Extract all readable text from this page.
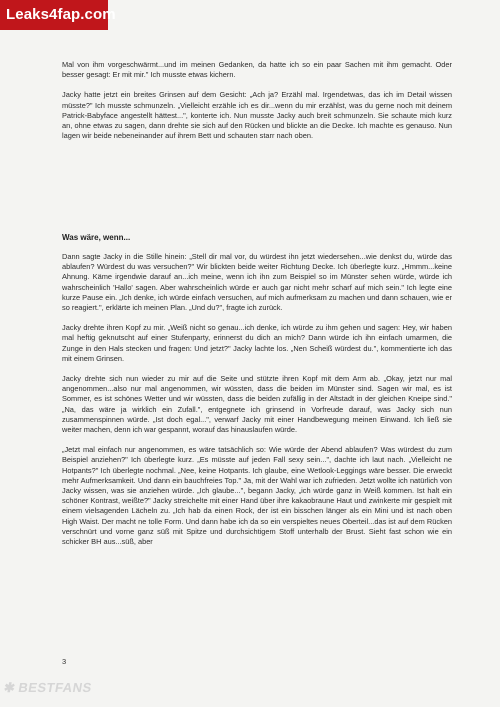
Leaks4fap.com

Mal von ihm vorgeschwärmt...und im meinen Gedanken, da hatte ich so ein paar Sachen mit ihm gemacht. Oder besser gesagt: Er mit mir." Ich musste etwas kichern.

Jacky hatte jetzt ein breites Grinsen auf dem Gesicht: „Ach ja? Erzähl mal. Irgendetwas, das ich im Detail wissen müsste?" Ich musste schmunzeln. „Vielleicht erzähle ich es dir...wenn du mir erzählst, was du gerne noch mit deinem Patrick-Babyface angestellt hättest...", konterte ich. Nun musste Jacky auch breit schmunzeln. Sie schaute mich kurz an, ohne etwas zu sagen, dann drehte sie sich auf den Rücken und blickte an die Decke. Ich machte es genauso. Nun lagen wir beide nebeneinander auf ihrem Bett und schauten starr nach oben.

Was wäre, wenn...

Dann sagte Jacky in die Stille hinein: „Stell dir mal vor, du würdest ihn jetzt wiedersehen...wie denkst du, würde das ablaufen? Würdest du was versuchen?" Wir blickten beide weiter Richtung Decke. Ich überlegte kurz. „Hmmm...keine Ahnung. Käme irgendwie darauf an...ich meine, wenn ich ihn zum Beispiel so im Münster sehen würde, würde ich wahrscheinlich 'Hallo' sagen. Aber wahrscheinlich würde er auch gar nicht mehr scharf auf mich sein." Ich legte eine kurze Pause ein. „Ich denke, ich würde einfach versuchen, auf mich aufmerksam zu machen und dann schauen, wie er so reagiert.", erklärte ich meinen Plan. „Und du?", fragte ich zurück.

Jacky drehte ihren Kopf zu mir. „Weiß nicht so genau...ich denke, ich würde zu ihm gehen und sagen: Hey, wir haben mal heftig geknutscht auf einer Stufenparty, erinnerst du dich an mich? Dann würde ich ihn einfach umarmen, die Zunge in den Hals stecken und fragen: Und jetzt?" Jacky lachte los. „Nen Scheiß würdest du.", kommentierte ich das mit einem Grinsen.

Jacky drehte sich nun wieder zu mir auf die Seite und stützte ihren Kopf mit dem Arm ab. „Okay, jetzt nur mal angenommen...also nur mal angenommen, wir wüssten, dass die beiden im Münster sind. Sagen wir mal, es ist Sommer, es ist schönes Wetter und wir wüssten, dass die beiden zufällig in der Altstadt in der gleichen Kneipe sind." „Na, das wäre ja wirklich ein Zufall.", entgegnete ich grinsend in Vorfreude darauf, was Jacky sich nun zusammenspinnen würde. „Ist doch egal...", verwarf Jacky mit einer Handbewegung meinen Einwand. Ich ließ sie weiter machen, denn ich war gespannt, worauf das hinauslaufen würde.

„Jetzt mal einfach nur angenommen, es wäre tatsächlich so: Wie würde der Abend ablaufen? Was würdest du zum Beispiel anziehen?" Ich überlegte kurz. „Es müsste auf jeden Fall sexy sein...", dachte ich laut nach. „Vielleicht ne Hotpants?" Ich überlegte nochmal. „Nee, keine Hotpants. Ich glaube, eine Wetlook-Leggings wäre besser. Die erweckt mehr Aufmerksamkeit. Und dann ein bauchfreies Top." Ja, mit der Wahl war ich zufrieden. Jetzt wollte ich natürlich von Jacky wissen, was sie anziehen würde. „Ich glaube...", begann Jacky, „ich würde ganz in Weiß kommen. Ist halt ein schöner Kontrast, weißte?" Jacky streichelte mit einer Hand über ihre kakaobraune Haut und zwinkerte mir gespielt mit einem vielsagenden Lächeln zu. „Ich hab da einen Rock, der ist ein bisschen länger als ein Mini und ist nach oben High Waist. Der macht ne tolle Form. Und dann habe ich da so ein verspieltes neues Oberteil...das ist auf dem Rücken verschnürt und vorne ganz süß mit Spitze und durchsichtigem Stoff unterhalb der Brust. Sieht fast schon wie ein schicker BH aus...süß, aber

3
✱BESTFANS
